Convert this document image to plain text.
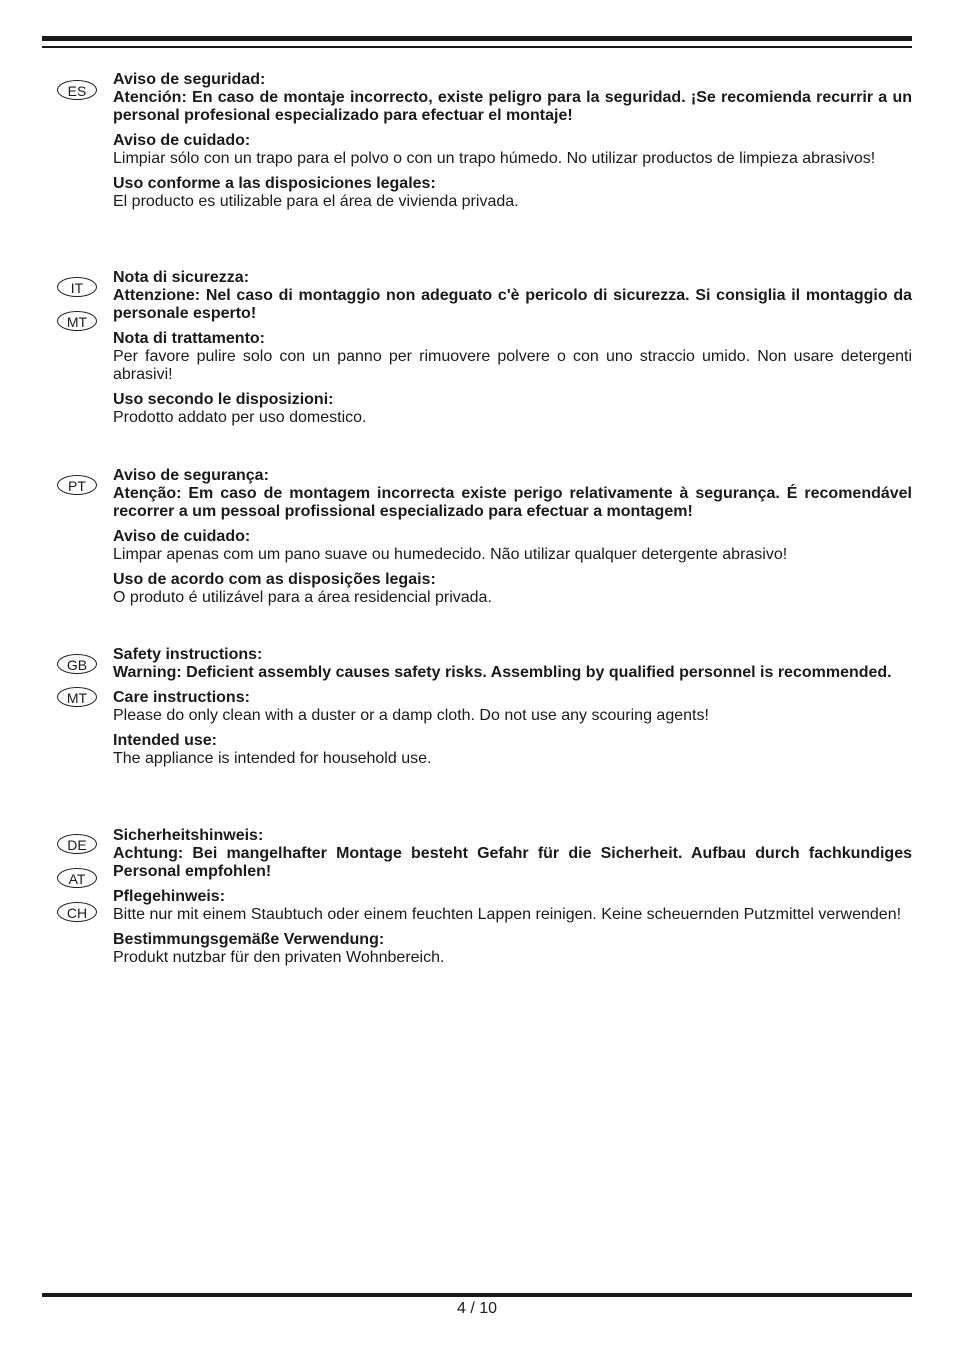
ES
Aviso de seguridad:
Atención: En caso de montaje incorrecto, existe peligro para la seguridad. ¡Se recomienda recurrir a un personal profesional especializado para efectuar el montaje!
Aviso de cuidado:
Limpiar sólo con un trapo para el polvo o con un trapo húmedo. No utilizar productos de limpieza abrasivos!
Uso conforme a las disposiciones legales:
El producto es utilizable para el área de vivienda privada.
IT
MT
Nota di sicurezza:
Attenzione: Nel caso di montaggio non adeguato c'è pericolo di sicurezza. Si consiglia il montaggio da personale esperto!
Nota di trattamento:
Per favore pulire solo con un panno per rimuovere polvere o con uno straccio umido. Non usare detergenti abrasivi!
Uso secondo le disposizioni:
Prodotto addato per uso domestico.
PT
Aviso de segurança:
Atenção: Em caso de montagem incorrecta existe perigo relativamente à segurança. É recomendável recorrer a um pessoal profissional especializado para efectuar a montagem!
Aviso de cuidado:
Limpar apenas com um pano suave ou humedecido. Não utilizar qualquer detergente abrasivo!
Uso de acordo com as disposições legais:
O produto é utilizável para a área residencial privada.
GB
MT
Safety instructions:
Warning: Deficient assembly causes safety risks. Assembling by qualified personnel is recommended.
Care instructions:
Please do only clean with a duster or a damp cloth. Do not use any scouring agents!
Intended use:
The appliance is intended for household use.
DE
AT
CH
Sicherheitshinweis:
Achtung: Bei mangelhafter Montage besteht Gefahr für die Sicherheit. Aufbau durch fachkundiges Personal empfohlen!
Pflegehinweis:
Bitte nur mit einem Staubtuch oder einem feuchten Lappen reinigen. Keine scheuernden Putzmittel verwenden!
Bestimmungsgemäße Verwendung:
Produkt nutzbar für den privaten Wohnbereich.
4 / 10
